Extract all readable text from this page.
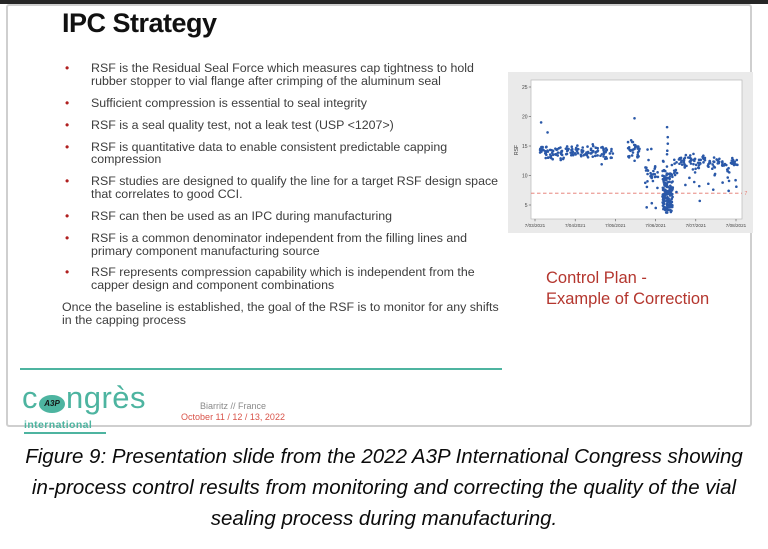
IPC Strategy
•	RSF is the Residual Seal Force which measures cap tightness to hold rubber stopper to vial flange after crimping of the aluminum seal
•	Sufficient compression is essential to seal integrity
•	RSF is a seal quality test, not a leak test (USP <1207>)
•	RSF is quantitative data to enable consistent predictable capping compression
•	RSF studies are designed to qualify the line for a target RSF design space that correlates to good CCI.
•	RSF can then be used as an IPC during manufacturing
•	RSF is a common denominator independent from the filling lines and primary component manufacturing source
•	RSF represents compression capability which is independent from the capper design and component combinations

Once the baseline is established, the goal of the RSF is to monitor for any shifts in the capping process

5
10
15
20
25
7/03/2021	7/04/2021	7/05/2021	7/06/2021	7/07/2021	7/08/2021
RSF
7
Control Plan -
Example of Correction
c A3P ngrès
international
Biarritz // France
October 11 / 12 / 13, 2022

Figure 9: Presentation slide from the 2022 A3P International Congress showing in-process control results from monitoring and correcting the quality of the vial sealing process during manufacturing.
